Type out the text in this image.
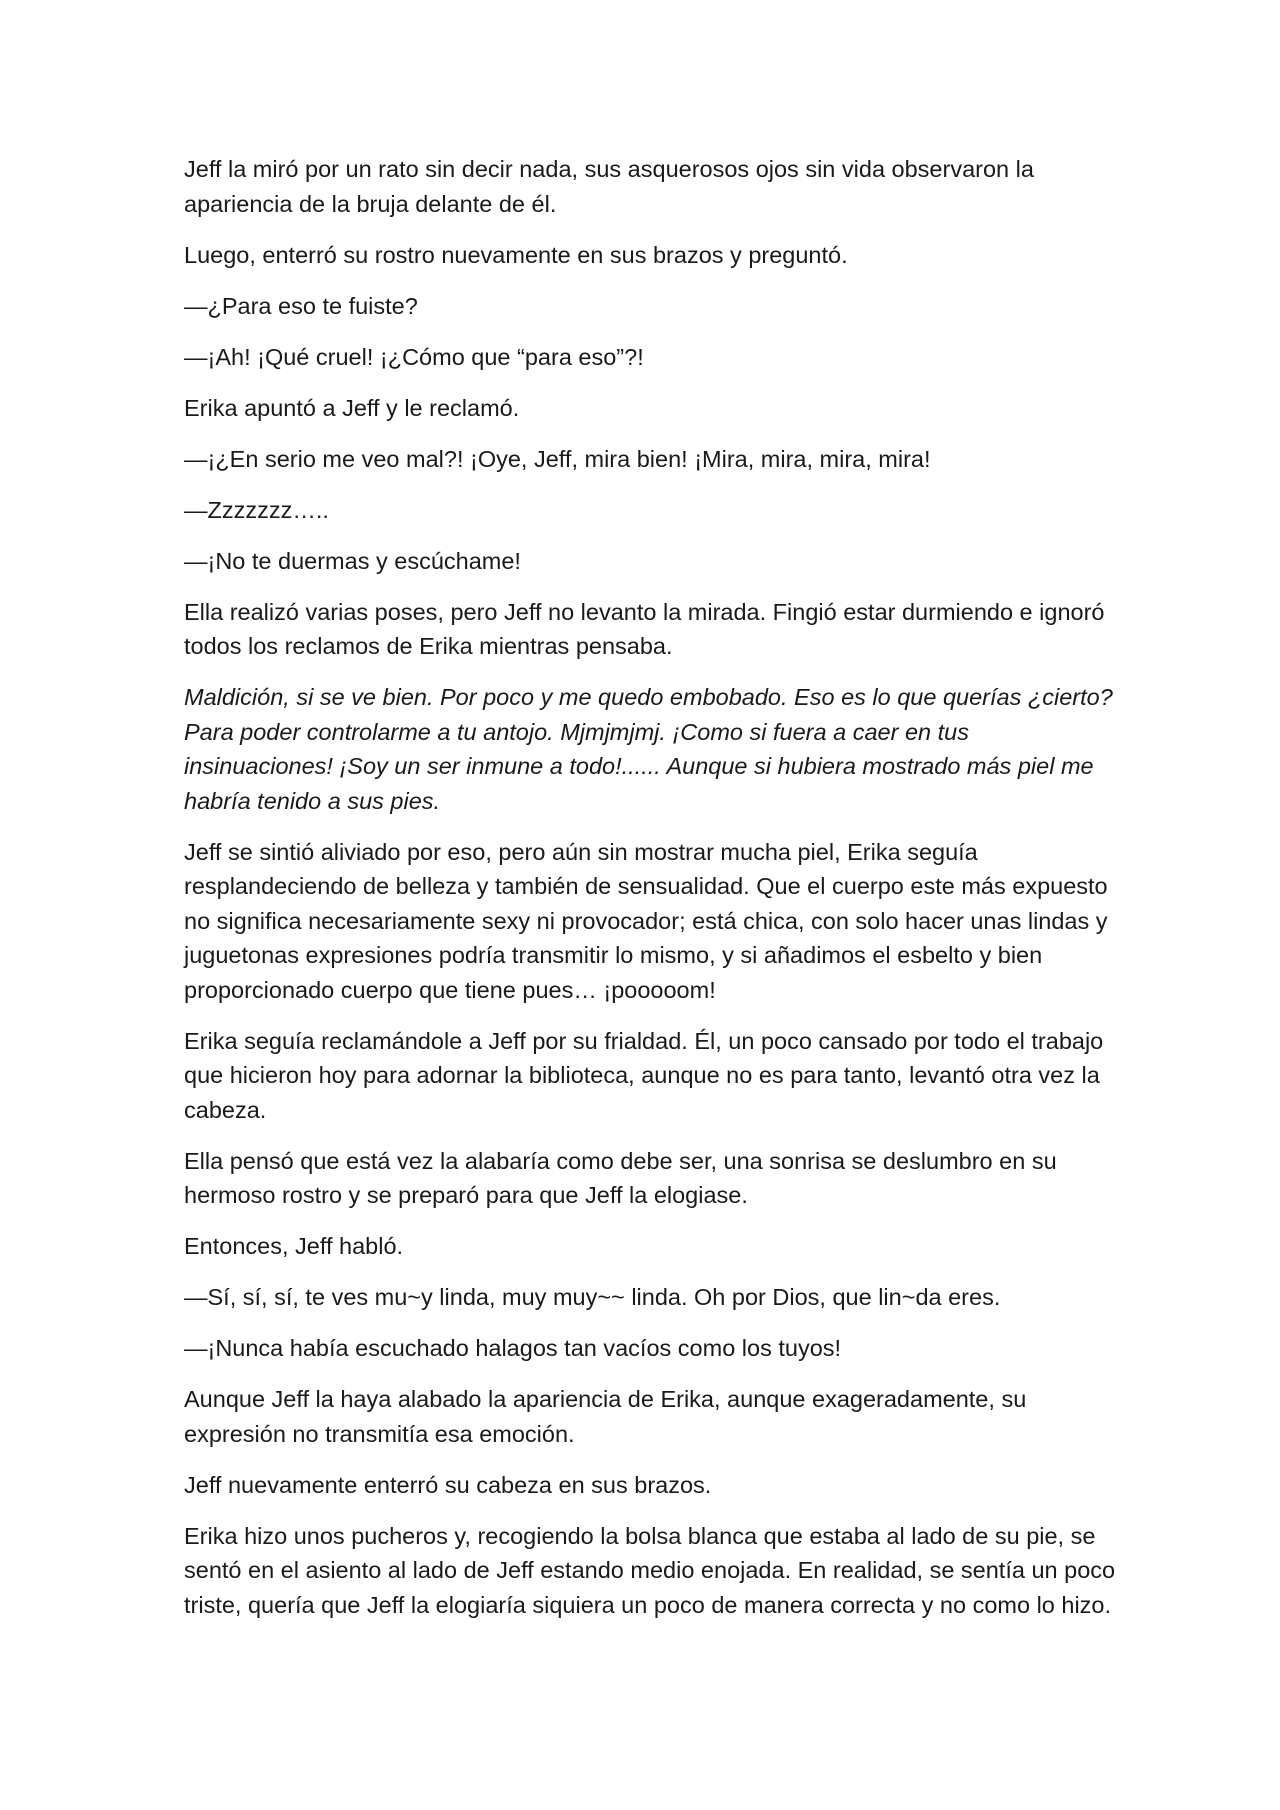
Jeff la miró por un rato sin decir nada, sus asquerosos ojos sin vida observaron la apariencia de la bruja delante de él.

Luego, enterró su rostro nuevamente en sus brazos y preguntó.

—¿Para eso te fuiste?

—¡Ah! ¡Qué cruel! ¡¿Cómo que “para eso”?!

Erika apuntó a Jeff y le reclamó.

—¡¿En serio me veo mal?! ¡Oye, Jeff, mira bien! ¡Mira, mira, mira, mira!

—Zzzzzzz…..

—¡No te duermas y escúchame!

Ella realizó varias poses, pero Jeff no levanto la mirada. Fingió estar durmiendo e ignoró todos los reclamos de Erika mientras pensaba.

Maldición, si se ve bien. Por poco y me quedo embobado. Eso es lo que querías ¿cierto? Para poder controlarme a tu antojo. Mjmjmjmj. ¡Como si fuera a caer en tus insinuaciones! ¡Soy un ser inmune a todo!...... Aunque si hubiera mostrado más piel me habría tenido a sus pies.

Jeff se sintió aliviado por eso, pero aún sin mostrar mucha piel, Erika seguía resplandeciendo de belleza y también de sensualidad. Que el cuerpo este más expuesto no significa necesariamente sexy ni provocador; está chica, con solo hacer unas lindas y juguetonas expresiones podría transmitir lo mismo, y si añadimos el esbelto y bien proporcionado cuerpo que tiene pues… ¡pooooom!

Erika seguía reclamándole a Jeff por su frialdad. Él, un poco cansado por todo el trabajo que hicieron hoy para adornar la biblioteca, aunque no es para tanto, levantó otra vez la cabeza.

Ella pensó que está vez la alabaría como debe ser, una sonrisa se deslumbro en su hermoso rostro y se preparó para que Jeff la elogiase.

Entonces, Jeff habló.

—Sí, sí, sí, te ves mu~y linda, muy muy~~ linda. Oh por Dios, que lin~da eres.

—¡Nunca había escuchado halagos tan vacíos como los tuyos!

Aunque Jeff la haya alabado la apariencia de Erika, aunque exageradamente, su expresión no transmitía esa emoción.

Jeff nuevamente enterró su cabeza en sus brazos.

Erika hizo unos pucheros y, recogiendo la bolsa blanca que estaba al lado de su pie, se sentó en el asiento al lado de Jeff estando medio enojada. En realidad, se sentía un poco triste, quería que Jeff la elogiaría siquiera un poco de manera correcta y no como lo hizo.
